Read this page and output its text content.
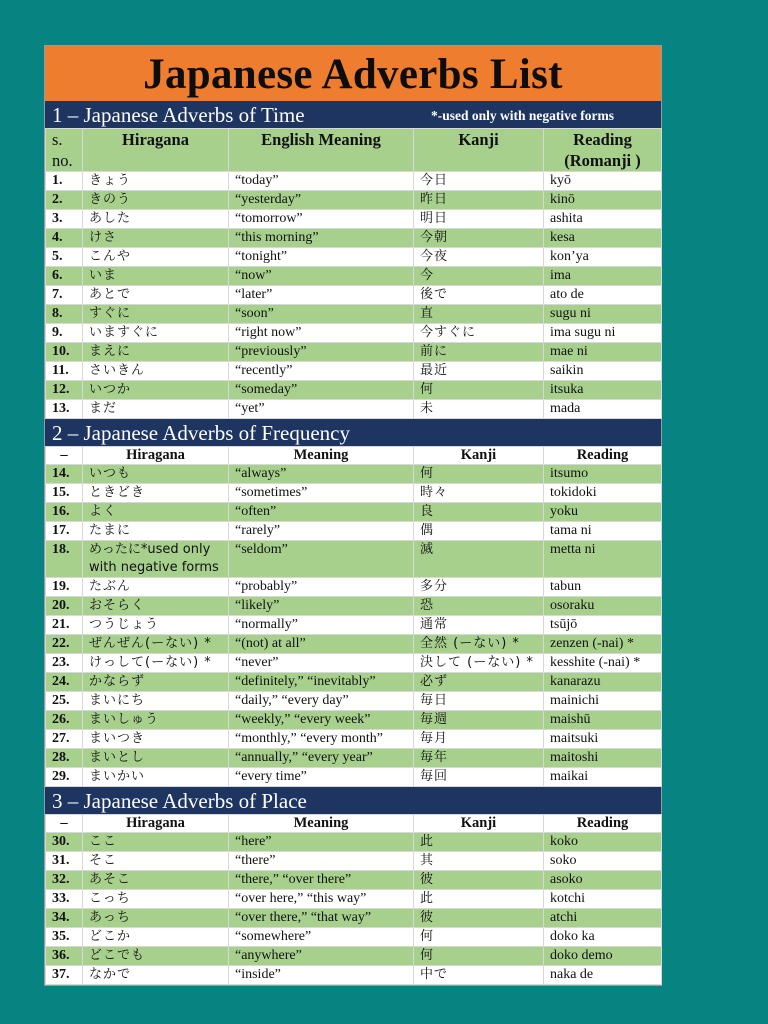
Japanese Adverbs List
1 – Japanese Adverbs of Time	*-used only with negative forms
s. no.	Hiragana	English Meaning	Kanji	Reading (Romanji )
1.	きょう	“today”	今日	kyō
2.	きのう	“yesterday”	昨日	kinō
3.	あした	“tomorrow”	明日	ashita
4.	けさ	“this morning”	今朝	kesa
5.	こんや	“tonight”	今夜	kon’ya
6.	いま	“now”	今	ima
7.	あとで	“later”	後で	ato de
8.	すぐに	“soon”	直	sugu ni
9.	いますぐに	“right now”	今すぐに	ima sugu ni
10.	まえに	“previously”	前に	mae ni
11.	さいきん	“recently”	最近	saikin
12.	いつか	“someday”	何	itsuka
13.	まだ	“yet”	未	mada
2 – Japanese Adverbs of Frequency
–	Hiragana	Meaning	Kanji	Reading
14.	いつも	“always”	何	itsumo
15.	ときどき	“sometimes”	時々	tokidoki
16.	よく	“often”	良	yoku
17.	たまに	“rarely”	偶	tama ni
18.	めったに*used only with negative forms	“seldom”	滅	metta ni
19.	たぶん	“probably”	多分	tabun
20.	おそらく	“likely”	恐	osoraku
21.	つうじょう	“normally”	通常	tsūjō
22.	ぜんぜん(ーない) *	“(not) at all”	全然 (ーない) *	zenzen (-nai) *
23.	けっして(ーない) *	“never”	決して (ーない) *	kesshite (-nai) *
24.	かならず	“definitely,” “inevitably”	必ず	kanarazu
25.	まいにち	“daily,” “every day”	毎日	mainichi
26.	まいしゅう	“weekly,” “every week”	毎週	maishū
27.	まいつき	“monthly,” “every month”	毎月	maitsuki
28.	まいとし	“annually,” “every year”	毎年	maitoshi
29.	まいかい	“every time”	毎回	maikai
3 – Japanese Adverbs of Place
–	Hiragana	Meaning	Kanji	Reading
30.	ここ	“here”	此	koko
31.	そこ	“there”	其	soko
32.	あそこ	“there,” “over there”	彼	asoko
33.	こっち	“over here,” “this way”	此	kotchi
34.	あっち	“over there,” “that way”	彼	atchi
35.	どこか	“somewhere”	何	doko ka
36.	どこでも	“anywhere”	何	doko demo
37.	なかで	“inside”	中で	naka de
